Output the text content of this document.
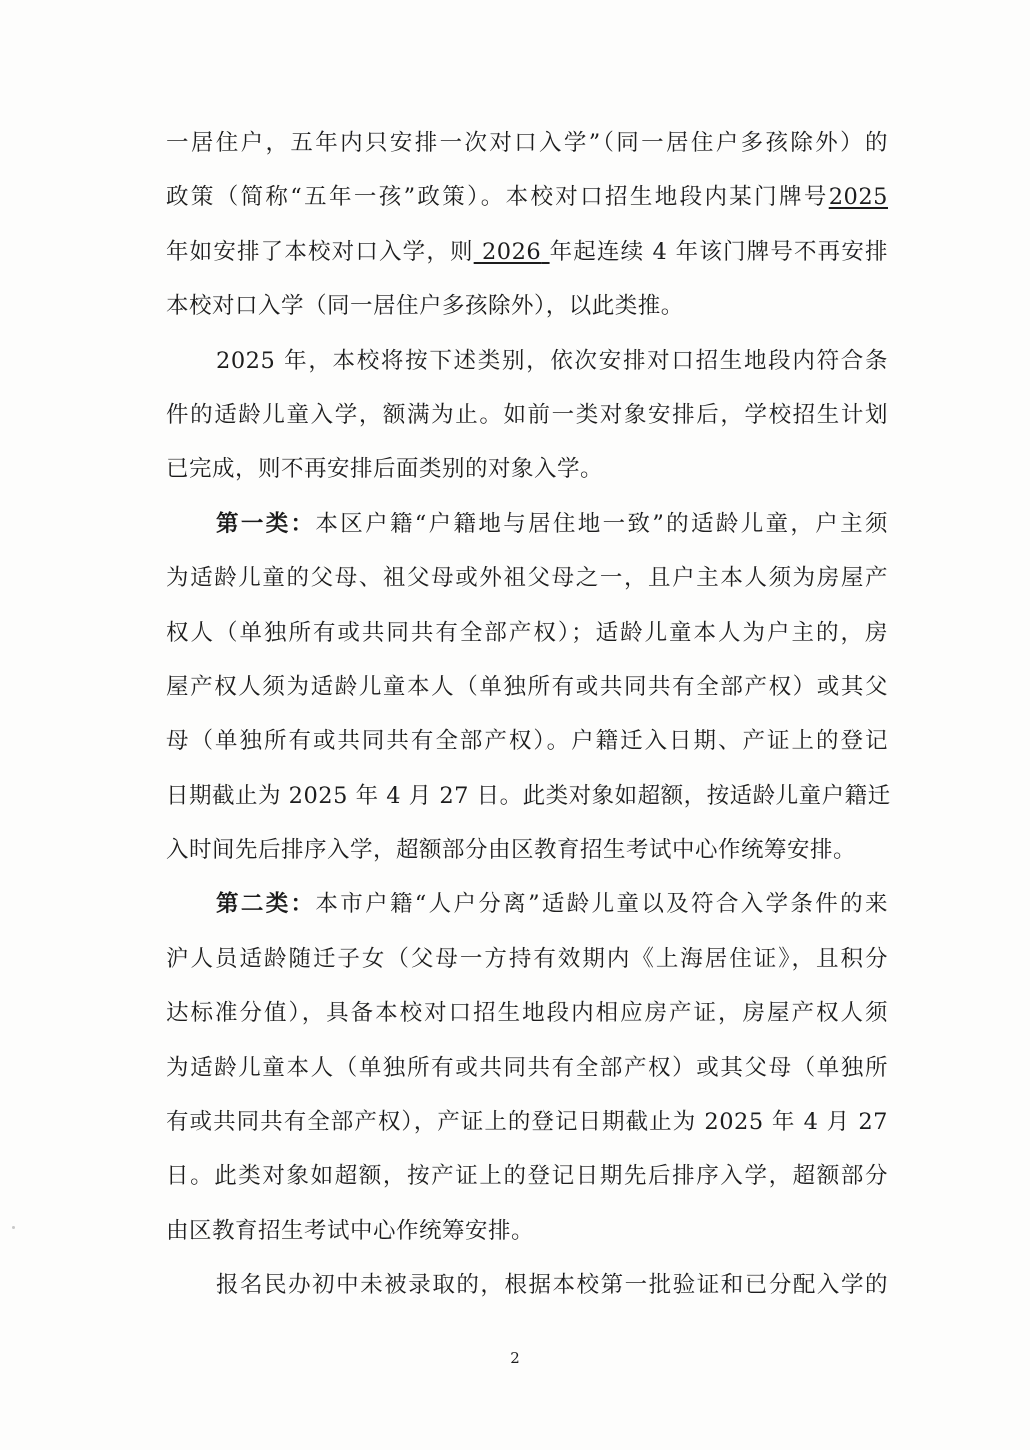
一居住户，五年内只安排一次对口入学”（同一居住户多孩除外）的
政策（简称“五年一孩”政策）。本校对口招生地段内某门牌号2025
年如安排了本校对口入学，则 2026 年起连续 4 年该门牌号不再安排
本校对口入学（同一居住户多孩除外），以此类推。
2025 年，本校将按下述类别，依次安排对口招生地段内符合条
件的适龄儿童入学，额满为止。如前一类对象安排后，学校招生计划
已完成，则不再安排后面类别的对象入学。
第一类：本区户籍“户籍地与居住地一致”的适龄儿童，户主须
为适龄儿童的父母、祖父母或外祖父母之一，且户主本人须为房屋产
权人（单独所有或共同共有全部产权）；适龄儿童本人为户主的，房
屋产权人须为适龄儿童本人（单独所有或共同共有全部产权）或其父
母（单独所有或共同共有全部产权）。户籍迁入日期、产证上的登记
日期截止为 2025 年 4 月 27 日。此类对象如超额，按适龄儿童户籍迁
入时间先后排序入学，超额部分由区教育招生考试中心作统筹安排。
第二类：本市户籍“人户分离”适龄儿童以及符合入学条件的来
沪人员适龄随迁子女（父母一方持有效期内《上海居住证》，且积分
达标准分值），具备本校对口招生地段内相应房产证，房屋产权人须
为适龄儿童本人（单独所有或共同共有全部产权）或其父母（单独所
有或共同共有全部产权），产证上的登记日期截止为 2025 年 4 月 27
日。此类对象如超额，按产证上的登记日期先后排序入学，超额部分
由区教育招生考试中心作统筹安排。
报名民办初中未被录取的，根据本校第一批验证和已分配入学的
2
